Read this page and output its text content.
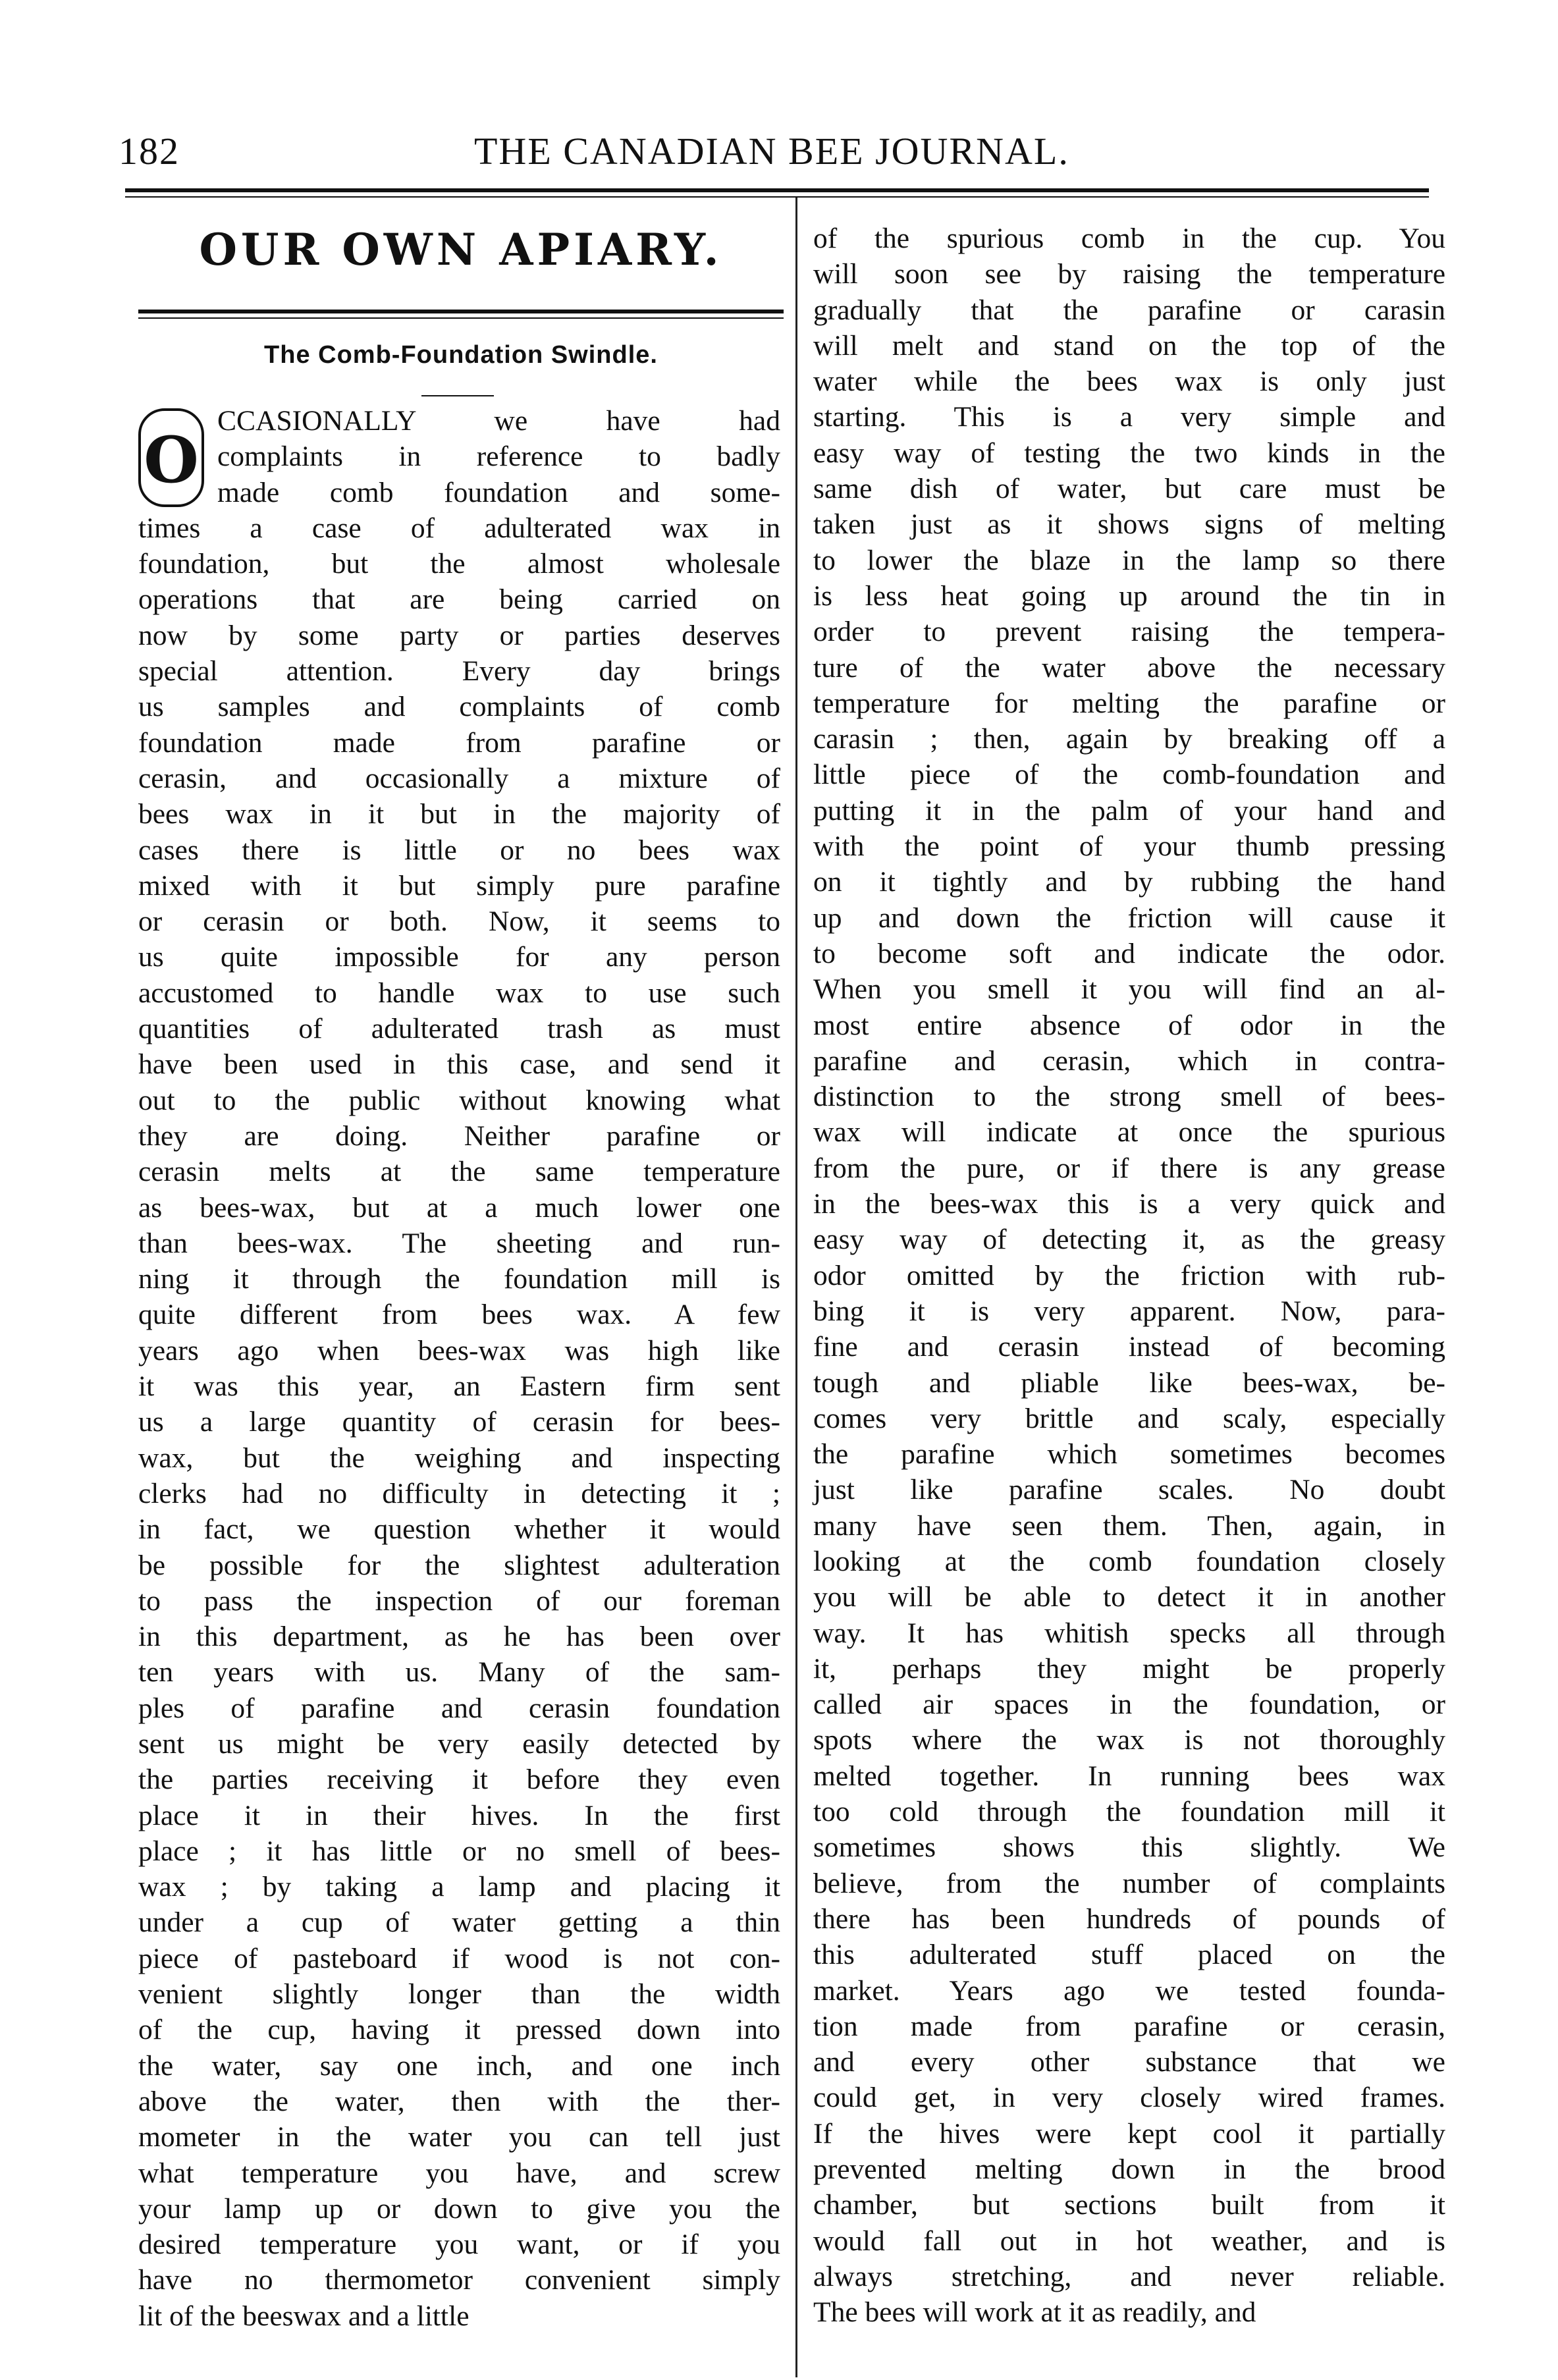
182	THE CANADIAN BEE JOURNAL.
OUR OWN APIARY.
The Comb-Foundation Swindle.
O
CCASIONALLY we have had
complaints in reference to badly
made comb foundation and some-
times a case of adulterated wax in
foundation, but the almost wholesale
operations that are being carried on
now by some party or parties deserves
special attention. Every day brings
us samples and complaints of comb
foundation made from parafine or
cerasin, and occasionally a mixture of
bees wax in it but in the majority of
cases there is little or no bees wax
mixed with it but simply pure parafine
or cerasin or both. Now, it seems to
us quite impossible for any person
accustomed to handle wax to use such
quantities of adulterated trash as must
have been used in this case, and send it
out to the public without knowing what
they are doing. Neither parafine or
cerasin melts at the same temperature
as bees-wax, but at a much lower one
than bees-wax. The sheeting and run-
ning it through the foundation mill is
quite different from bees wax. A few
years ago when bees-wax was high like
it was this year, an Eastern firm sent
us a large quantity of cerasin for bees-
wax, but the weighing and inspecting
clerks had no difficulty in detecting it ;
in fact, we question whether it would
be possible for the slightest adulteration
to pass the inspection of our foreman
in this department, as he has been over
ten years with us. Many of the sam-
ples of parafine and cerasin foundation
sent us might be very easily detected by
the parties receiving it before they even
place it in their hives. In the first
place ; it has little or no smell of bees-
wax ; by taking a lamp and placing it
under a cup of water getting a thin
piece of pasteboard if wood is not con-
venient slightly longer than the width
of the cup, having it pressed down into
the water, say one inch, and one inch
above the water, then with the ther-
mometer in the water you can tell just
what temperature you have, and screw
your lamp up or down to give you the
desired temperature you want, or if you
have no thermometor convenient simply
lit of the beeswax and a little
of the spurious comb in the cup. You
will soon see by raising the temperature
gradually that the parafine or carasin
will melt and stand on the top of the
water while the bees wax is only just
starting. This is a very simple and
easy way of testing the two kinds in the
same dish of water, but care must be
taken just as it shows signs of melting
to lower the blaze in the lamp so there
is less heat going up around the tin in
order to prevent raising the tempera-
ture of the water above the necessary
temperature for melting the parafine or
carasin ; then, again by breaking off a
little piece of the comb-foundation and
putting it in the palm of your hand and
with the point of your thumb pressing
on it tightly and by rubbing the hand
up and down the friction will cause it
to become soft and indicate the odor.
When you smell it you will find an al-
most entire absence of odor in the
parafine and cerasin, which in contra-
distinction to the strong smell of bees-
wax will indicate at once the spurious
from the pure, or if there is any grease
in the bees-wax this is a very quick and
easy way of detecting it, as the greasy
odor omitted by the friction with rub-
bing it is very apparent. Now, para-
fine and cerasin instead of becoming
tough and pliable like bees-wax, be-
comes very brittle and scaly, especially
the parafine which sometimes becomes
just like parafine scales. No doubt
many have seen them. Then, again, in
looking at the comb foundation closely
you will be able to detect it in another
way. It has whitish specks all through
it, perhaps they might be properly
called air spaces in the foundation, or
spots where the wax is not thoroughly
melted together. In running bees wax
too cold through the foundation mill it
sometimes shows this slightly. We
believe, from the number of complaints
there has been hundreds of pounds of
this adulterated stuff placed on the
market. Years ago we tested founda-
tion made from parafine or cerasin,
and every other substance that we
could get, in very closely wired frames.
If the hives were kept cool it partially
prevented melting down in the brood
chamber, but sections built from it
would fall out in hot weather, and is
always stretching, and never reliable.
The bees will work at it as readily, and
